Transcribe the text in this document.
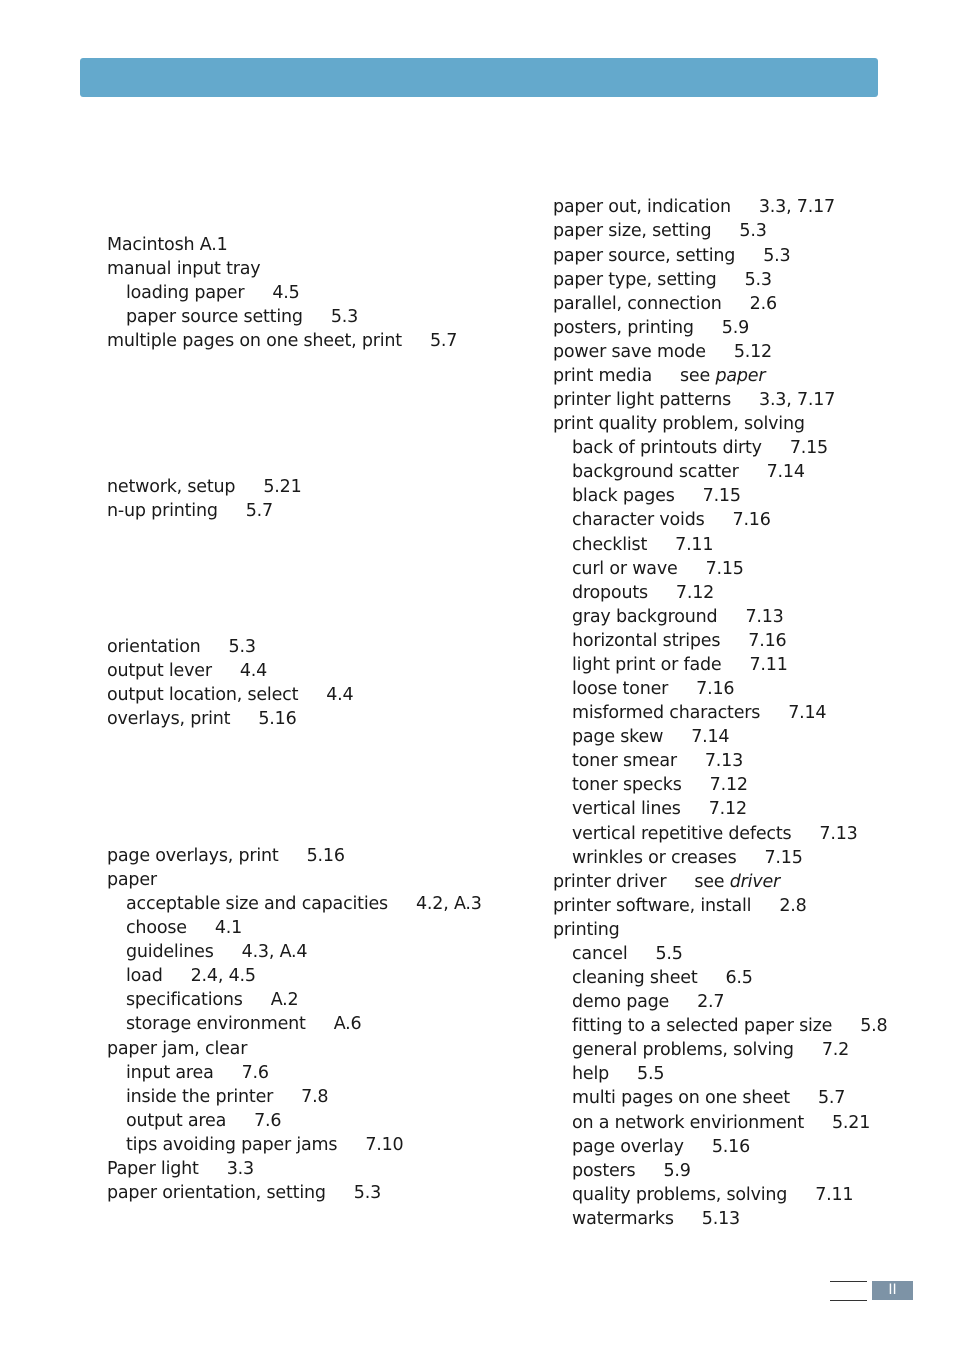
Macintosh A.1
manual input tray
loading paper 4.5
paper source setting 5.3
multiple pages on one sheet, print 5.7
network, setup 5.21
n-up printing 5.7
orientation 5.3
output lever 4.4
output location, select 4.4
overlays, print 5.16
page overlays, print 5.16
paper
acceptable size and capacities 4.2, A.3
choose 4.1
guidelines 4.3, A.4
load 2.4, 4.5
specifications A.2
storage environment A.6
paper jam, clear
input area 7.6
inside the printer 7.8
output area 7.6
tips avoiding paper jams 7.10
Paper light 3.3
paper orientation, setting 5.3
paper out, indication 3.3, 7.17
paper size, setting 5.3
paper source, setting 5.3
paper type, setting 5.3
parallel, connection 2.6
posters, printing 5.9
power save mode 5.12
print media see paper
printer light patterns 3.3, 7.17
print quality problem, solving
back of printouts dirty 7.15
background scatter 7.14
black pages 7.15
character voids 7.16
checklist 7.11
curl or wave 7.15
dropouts 7.12
gray background 7.13
horizontal stripes 7.16
light print or fade 7.11
loose toner 7.16
misformed characters 7.14
page skew 7.14
toner smear 7.13
toner specks 7.12
vertical lines 7.12
vertical repetitive defects 7.13
wrinkles or creases 7.15
printer driver see driver
printer software, install 2.8
printing
cancel 5.5
cleaning sheet 6.5
demo page 2.7
fitting to a selected paper size 5.8
general problems, solving 7.2
help 5.5
multi pages on one sheet 5.7
on a network envirionment 5.21
page overlay 5.16
posters 5.9
quality problems, solving 7.11
watermarks 5.13
II
